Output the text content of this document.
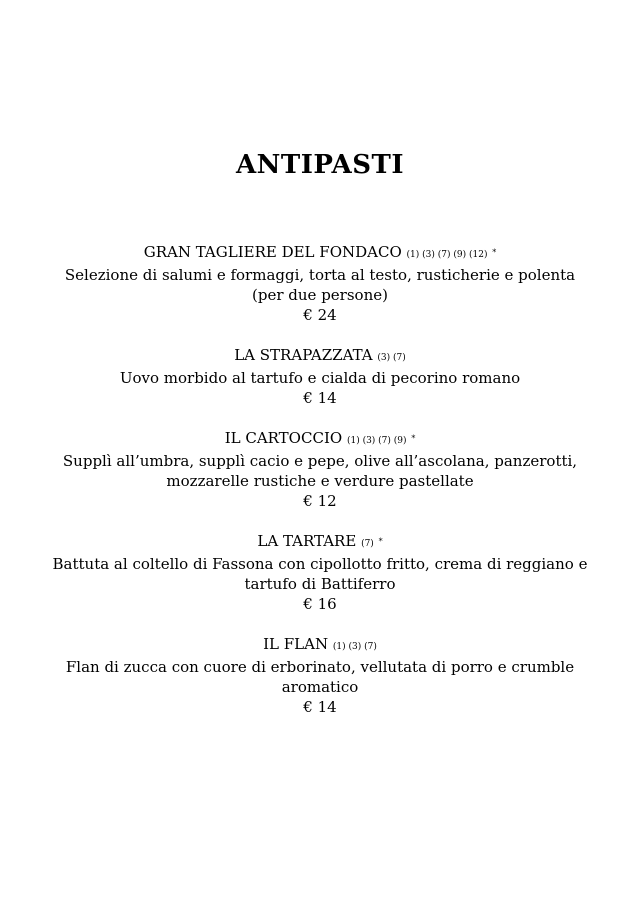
ANTIPASTI

GRAN TAGLIERE DEL FONDACO (1) (3) (7) (9) (12) *

Selezione di salumi e formaggi, torta al testo, rusticherie e polenta

(per due persone)

€ 24

LA STRAPAZZATA (3) (7)

Uovo morbido al tartufo e cialda di pecorino romano

€ 14

IL CARTOCCIO (1) (3) (7) (9) *

Supplì all’umbra, supplì cacio e pepe, olive all’ascolana, panzerotti,

mozzarelle rustiche e verdure pastellate

€ 12

LA TARTARE (7) *

Battuta al coltello di Fassona con cipollotto fritto, crema di reggiano e

tartufo di Battiferro

€ 16

IL FLAN (1) (3) (7)

Flan di zucca con cuore di erborinato, vellutata di porro e crumble

aromatico

€ 14
